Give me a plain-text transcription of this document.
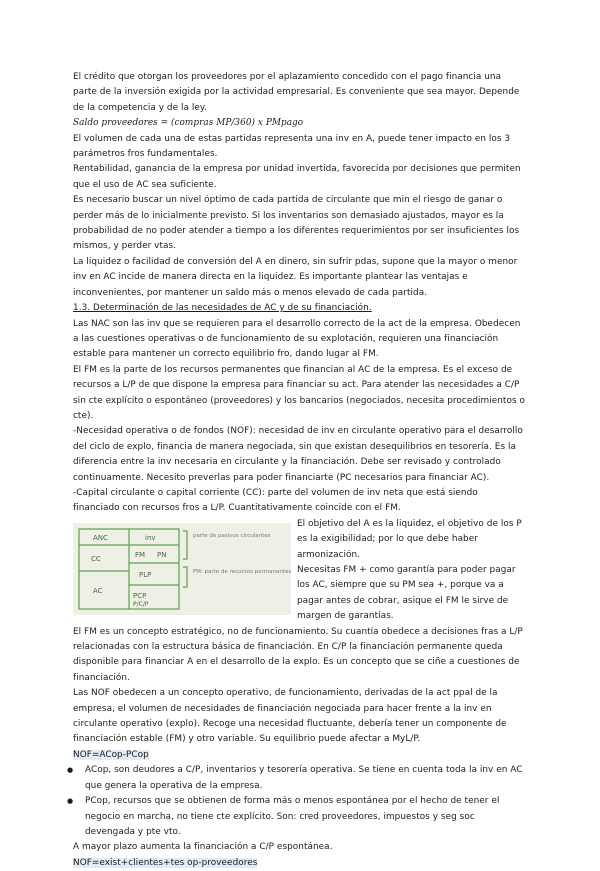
El crédito que otorgan los proveedores por el aplazamiento concedido con el pago financia una parte de la inversión exigida por la actividad empresarial. Es conveniente que sea mayor. Depende de la competencia y de la ley.

Saldo proveedores = (compras MP/360) x PMpago

El volumen de cada una de estas partidas representa una inv en A, puede tener impacto en los 3 parámetros fros fundamentales.

Rentabilidad, ganancia de la empresa por unidad invertida, favorecida por decisiones que permiten que el uso de AC sea suficiente.

Es necesario buscar un nivel óptimo de cada partida de circulante que min el riesgo de ganar o perder más de lo inicialmente previsto. Si los inventarios son demasiado ajustados, mayor es la probabilidad de no poder atender a tiempo a los diferentes requerimientos por ser insuficientes los mismos, y perder vtas.

La liquidez o facilidad de conversión del A en dinero, sin sufrir pdas, supone que la mayor o menor inv en AC incide de manera directa en la liquidez. Es importante plantear las ventajas e inconvenientes, por mantener un saldo más o menos elevado de cada partida.

1.3. Determinación de las necesidades de AC y de su financiación.

Las NAC son las inv que se requieren para el desarrollo correcto de la act de la empresa. Obedecen a las cuestiones operativas o de funcionamiento de su explotación, requieren una financiación estable para mantener un correcto equilibrio fro, dando lugar al FM.

El FM es la parte de los recursos permanentes que financian al AC de la empresa. Es el exceso de recursos a L/P de que dispone la empresa para financiar su act. Para atender las necesidades a C/P sin cte explícito o espontáneo (proveedores) y los bancarios (negociados, necesita procedimientos o cte).

-Necesidad operativa o de fondos (NOF): necesidad de inv en circulante operativo para el desarrollo del ciclo de explo, financia de manera negociada, sin que existan desequilibrios en tesorería. Es la diferencia entre la inv necesaria en circulante y la financiación. Debe ser revisado y controlado continuamente. Necesito preverlas para poder financiarte (PC necesarios para financiar AC).

-Capital circulante o capital corriente (CC): parte del volumen de inv neta que está siendo financiado con recursos fros a L/P. Cuantitativamente coincide con el FM.

ANC	inv
CC	FM PN
PLP
AC
PCP
P/C/P
parte de pasivos circulantes
FM: parte de recursos permanentes

El objetivo del A es la liquidez, el objetivo de los P es la exigibilidad; por lo que debe haber armonización.

Necesitas FM + como garantía para poder pagar los AC, siempre que su PM sea +, porque va a pagar antes de cobrar, asique el FM le sirve de margen de garantías.

El FM es un concepto estratégico, no de funcionamiento. Su cuantía obedece a decisiones fras a L/P relacionadas con la estructura básica de financiación. En C/P la financiación permanente queda disponible para financiar A en el desarrollo de la explo. Es un concepto que se ciñe a cuestiones de financiación.

Las NOF obedecen a un concepto operativo, de funcionamiento, derivadas de la act ppal de la empresa, el volumen de necesidades de financiación negociada para hacer frente a la inv en circulante operativo (explo). Recoge una necesidad fluctuante, debería tener un componente de financiación estable (FM) y otro variable. Su equilibrio puede afectar a MyL/P.

NOF=ACop-PCop

● ACop, son deudores a C/P, inventarios y tesorería operativa. Se tiene en cuenta toda la inv en AC que genera la operativa de la empresa.
● PCop, recursos que se obtienen de forma más o menos espontánea por el hecho de tener el negocio en marcha, no tiene cte explícito. Son: cred proveedores, impuestos y seg soc devengada y pte vto.

A mayor plazo aumenta la financiación a C/P espontánea.

NOF=exist+clientes+tes op-proveedores
